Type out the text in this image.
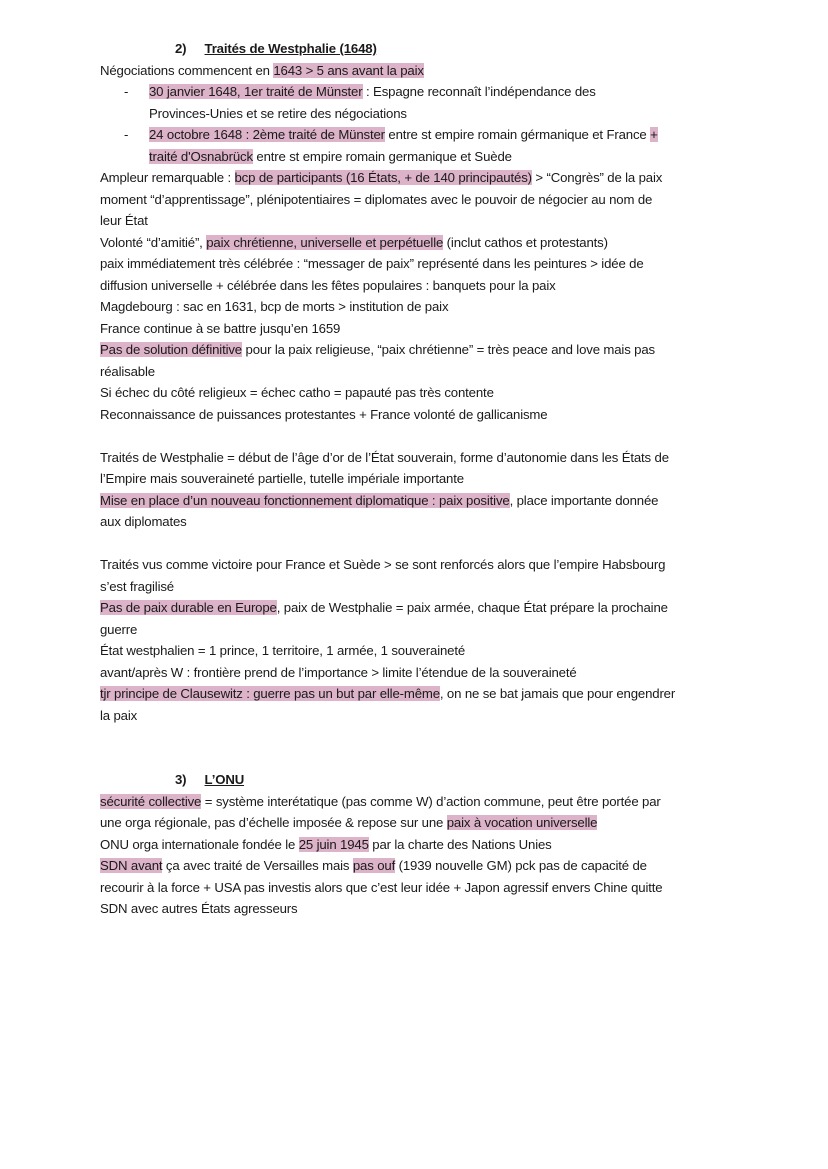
2) Traités de Westphalie (1648)
Négociations commencent en 1643 > 5 ans avant la paix
- 30 janvier 1648, 1er traité de Münster : Espagne reconnaît l’indépendance des
Provinces-Unies et se retire des négociations
- 24 octobre 1648 : 2ème traité de Münster entre st empire romain gérmanique et France +
traité d'Osnabrück entre st empire romain germanique et Suède
Ampleur remarquable : bcp de participants (16 États, + de 140 principautés) > “Congrès” de la paix
moment “d’apprentissage”, plénipotentiaires = diplomates avec le pouvoir de négocier au nom de
leur État
Volonté “d’amitié”, paix chrétienne, universelle et perpétuelle (inclut cathos et protestants)
paix immédiatement très célébrée : “messager de paix” représenté dans les peintures > idée de
diffusion universelle + célébrée dans les fêtes populaires : banquets pour la paix
Magdebourg : sac en 1631, bcp de morts > institution de paix
France continue à se battre jusqu’en 1659
Pas de solution définitive pour la paix religieuse, “paix chrétienne” = très peace and love mais pas
réalisable
Si échec du côté religieux = échec catho = papauté pas très contente
Reconnaissance de puissances protestantes + France volonté de gallicanisme
Traités de Westphalie = début de l’âge d’or de l’État souverain, forme d’autonomie dans les États de
l’Empire mais souveraineté partielle, tutelle impériale importante
Mise en place d’un nouveau fonctionnement diplomatique : paix positive, place importante donnée
aux diplomates
Traités vus comme victoire pour France et Suède > se sont renforcés alors que l’empire Habsbourg
s’est fragilisé
Pas de paix durable en Europe, paix de Westphalie = paix armée, chaque État prépare la prochaine
guerre
État westphalien = 1 prince, 1 territoire, 1 armée, 1 souveraineté
avant/après W : frontière prend de l’importance > limite l’étendue de la souveraineté
tjr principe de Clausewitz : guerre pas un but par elle-même, on ne se bat jamais que pour engendrer
la paix
3) L’ONU
sécurité collective = système interétatique (pas comme W) d’action commune, peut être portée par
une orga régionale, pas d’échelle imposée & repose sur une paix à vocation universelle
ONU orga internationale fondée le 25 juin 1945 par la charte des Nations Unies
SDN avant ça avec traité de Versailles mais pas ouf (1939 nouvelle GM) pck pas de capacité de
recourir à la force + USA pas investis alors que c’est leur idée + Japon agressif envers Chine quitte
SDN avec autres États agresseurs
